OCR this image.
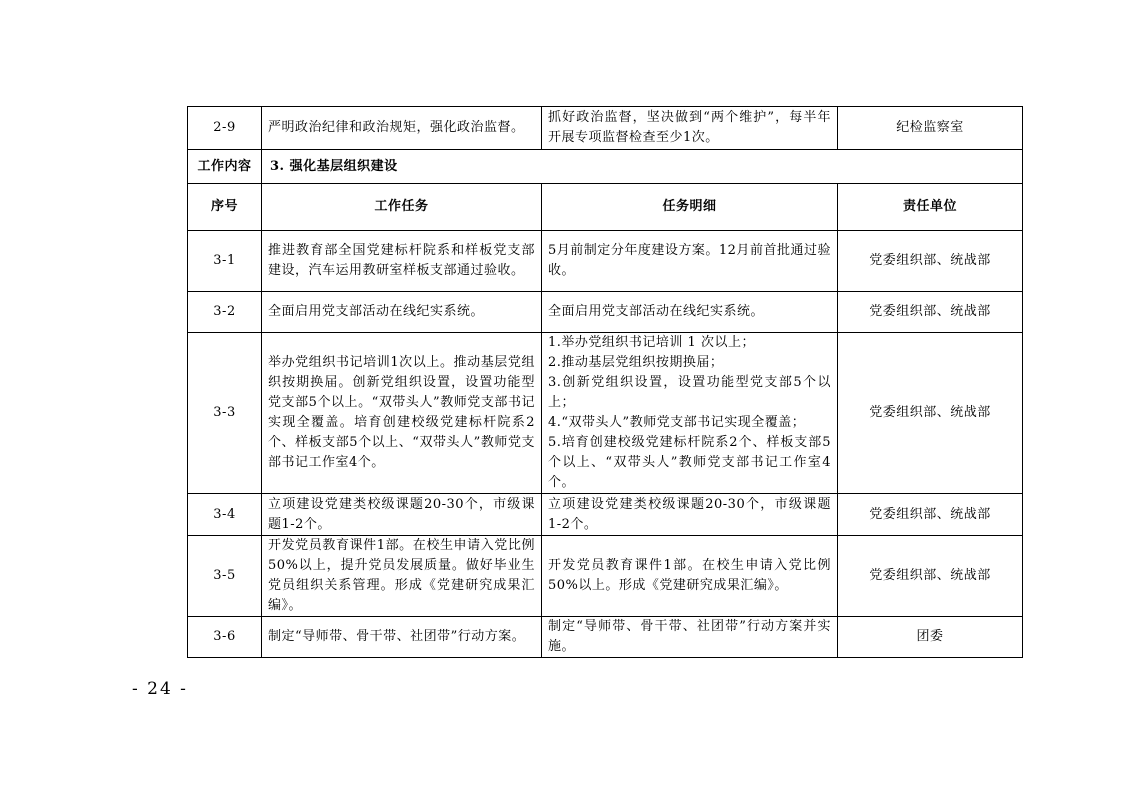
2-9	严明政治纪律和政治规矩，强化政治监督。	抓好政治监督，坚决做到“两个维护”，每半年开展专项监督检查至少1次。	纪检监察室
工作内容	3. 强化基层组织建设		
序号	工作任务	任务明细	责任单位
3-1	推进教育部全国党建标杆院系和样板党支部建设，汽车运用教研室样板支部通过验收。	5月前制定分年度建设方案。12月前首批通过验收。	党委组织部、统战部
3-2	全面启用党支部活动在线纪实系统。	全面启用党支部活动在线纪实系统。	党委组织部、统战部
3-3	举办党组织书记培训1次以上。推动基层党组织按期换届。创新党组织设置，设置功能型党支部5个以上。“双带头人”教师党支部书记实现全覆盖。培育创建校级党建标杆院系2个、样板支部5个以上、“双带头人”教师党支部书记工作室4个。	1.举办党组织书记培训 1 次以上；
2.推动基层党组织按期换届；
3.创新党组织设置，设置功能型党支部5个以上；
4.“双带头人”教师党支部书记实现全覆盖；
5.培育创建校级党建标杆院系2个、样板支部5个以上、“双带头人”教师党支部书记工作室4个。	党委组织部、统战部
3-4	立项建设党建类校级课题20-30个，市级课题1-2个。	立项建设党建类校级课题20-30个，市级课题1-2个。	党委组织部、统战部
3-5	开发党员教育课件1部。在校生申请入党比例50%以上，提升党员发展质量。做好毕业生党员组织关系管理。形成《党建研究成果汇编》。	开发党员教育课件1部。在校生申请入党比例50%以上。形成《党建研究成果汇编》。	党委组织部、统战部
3-6	制定“导师带、骨干带、社团带”行动方案。	制定“导师带、骨干带、社团带”行动方案并实施。	团委
- 24 -
